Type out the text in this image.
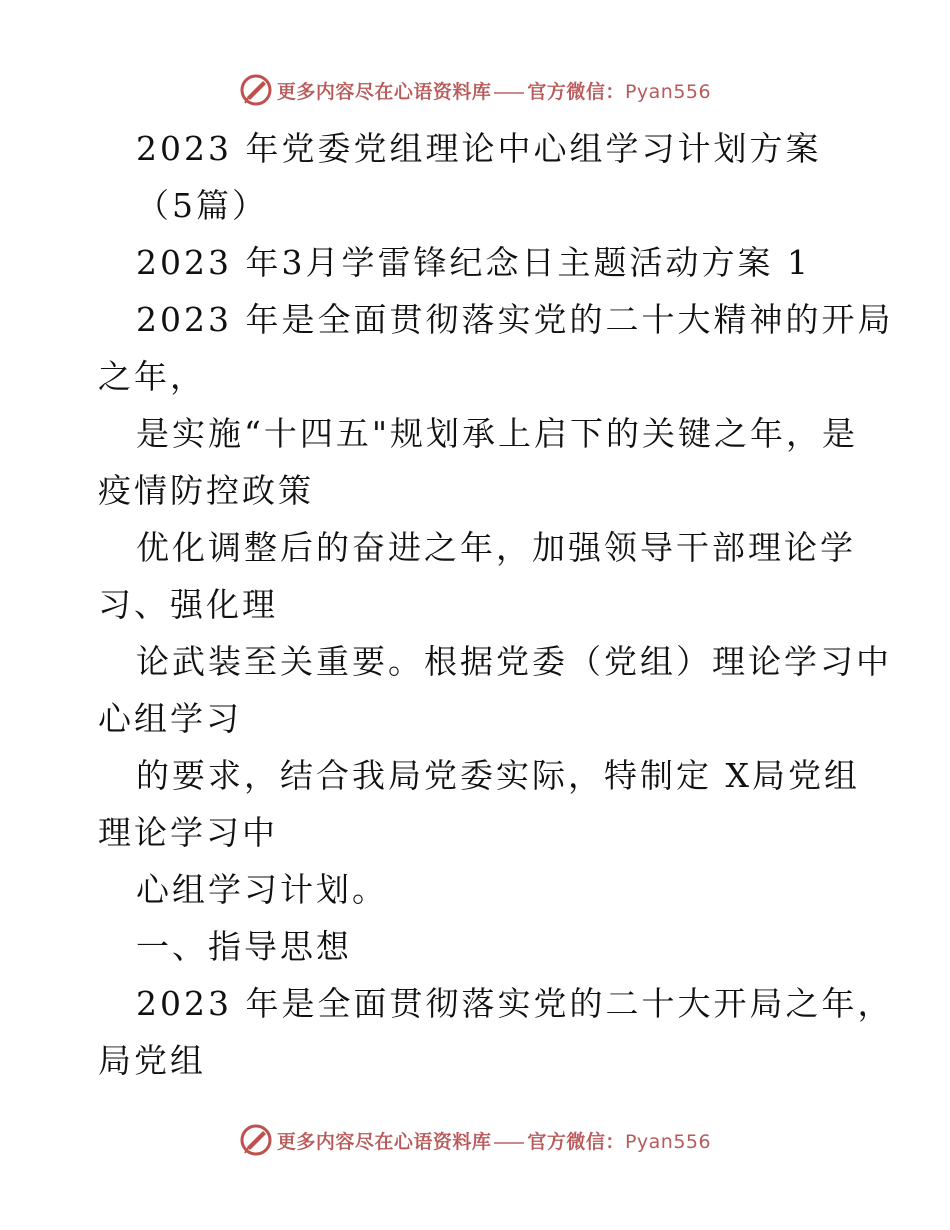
更多内容尽在心语资料库 官方微信：Pyan556
2023 年党委党组理论中心组学习计划方案
（5篇）
2023 年3月学雷锋纪念日主题活动方案 1
2023 年是全面贯彻落实党的二十大精神的开局
之年，
是实施“十四五"规划承上启下的关键之年，是
疫情防控政策
优化调整后的奋进之年，加强领导干部理论学
习、强化理
论武装至关重要。根据党委（党组）理论学习中
心组学习
的要求，结合我局党委实际，特制定 X局党组
理论学习中
心组学习计划。
一、指导思想
2023 年是全面贯彻落实党的二十大开局之年，
局党组
更多内容尽在心语资料库 官方微信：Pyan556
